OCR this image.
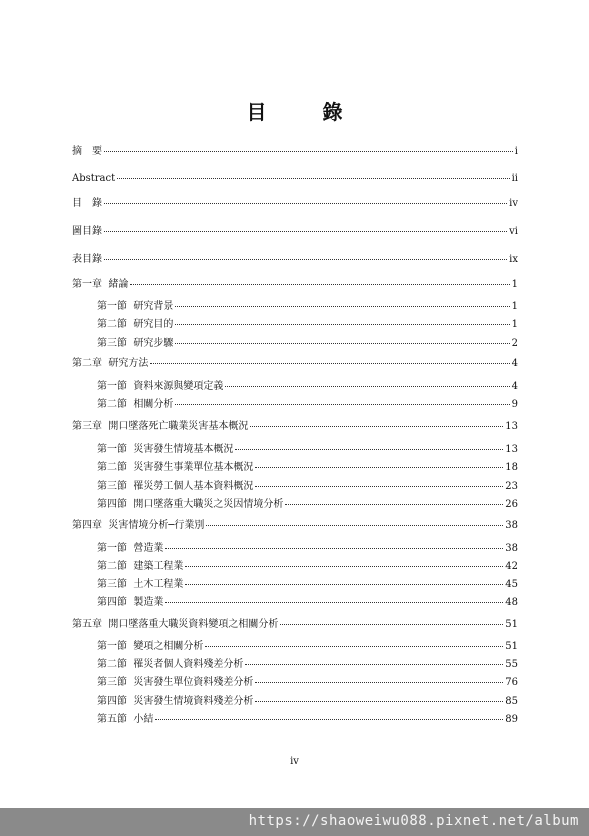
目　錄
摘　要	i
Abstract	ii
目　錄	iv
圖目錄	vi
表目錄	ix
第一章  緒論	1
第一節  研究背景	1
第二節  研究目的	1
第三節  研究步驟	2
第二章  研究方法	4
第一節  資料來源與變項定義	4
第二節  相關分析	9
第三章  開口墜落死亡職業災害基本概況	13
第一節  災害發生情境基本概況	13
第二節  災害發生事業單位基本概況	18
第三節  罹災勞工個人基本資料概況	23
第四節  開口墜落重大職災之災因情境分析	26
第四章  災害情境分析─行業別	38
第一節  營造業	38
第二節  建築工程業	42
第三節  土木工程業	45
第四節  製造業	48
第五章  開口墜落重大職災資料變項之相關分析	51
第一節  變項之相關分析	51
第二節  罹災者個人資料殘差分析	55
第三節  災害發生單位資料殘差分析	76
第四節  災害發生情境資料殘差分析	85
第五節  小結	89
iv
https://shaoweiwu088.pixnet.net/album
